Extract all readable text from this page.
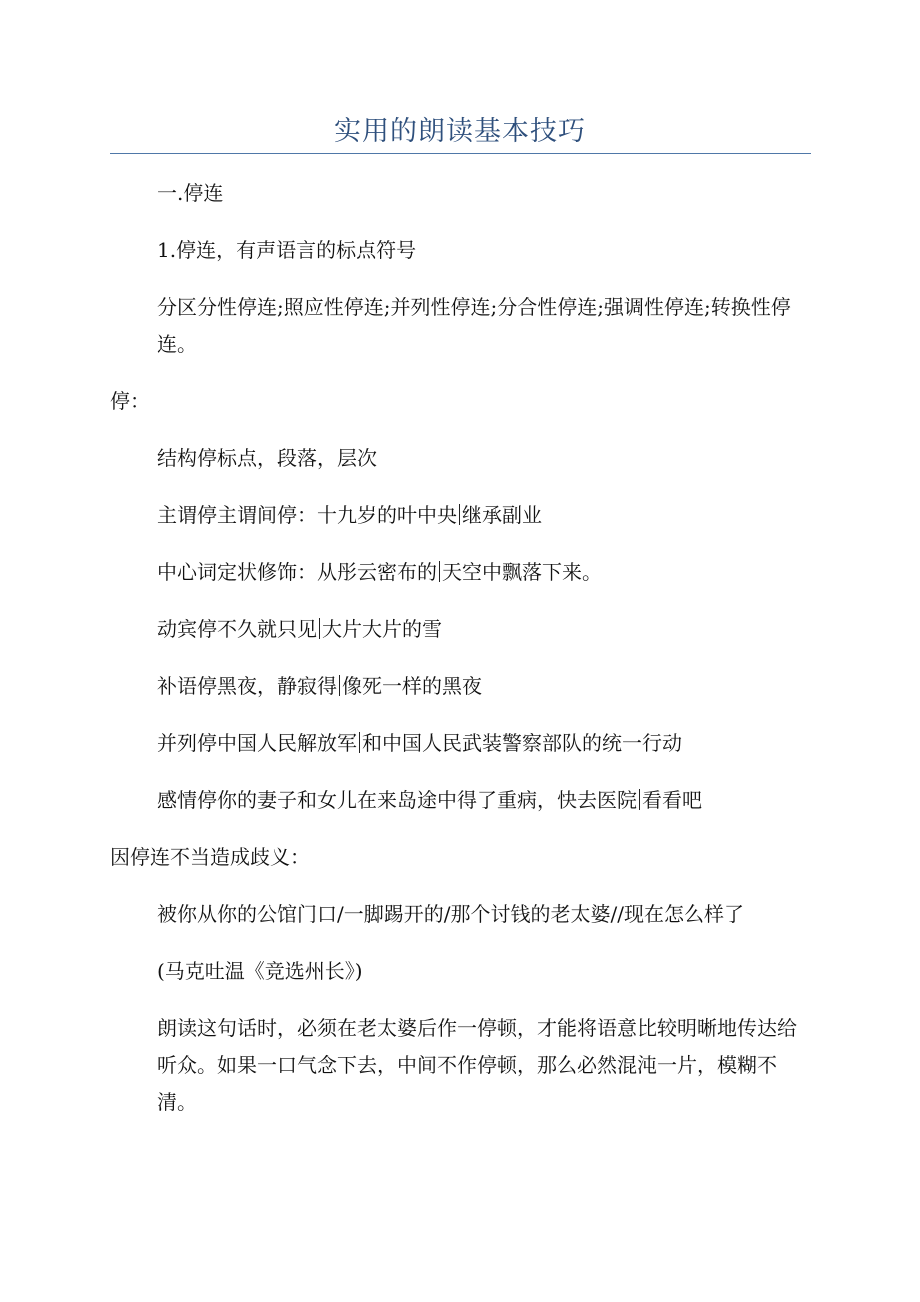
实用的朗读基本技巧

一.停连

1.停连，有声语言的标点符号

分区分性停连;照应性停连;并列性停连;分合性停连;强调性停连;转换性停连。

停：

结构停标点，段落，层次

主谓停主谓间停：十九岁的叶中央 继承副业

中心词定状修饰：从彤云密布的 天空中飘落下来。

动宾停不久就只见 大片大片的雪

补语停黑夜，静寂得 像死一样的黑夜

并列停中国人民解放军 和中国人民武装警察部队的统一行动

感情停你的妻子和女儿在来岛途中得了重病，快去医院 看看吧

因停连不当造成歧义：

被你从你的公馆门口/一脚踢开的/那个讨钱的老太婆//现在怎么样了

(马克吐温《竞选州长》)

朗读这句话时，必须在老太婆后作一停顿，才能将语意比较明晰地传达给听众。如果一口气念下去，中间不作停顿，那么必然混沌一片，模糊不清。
